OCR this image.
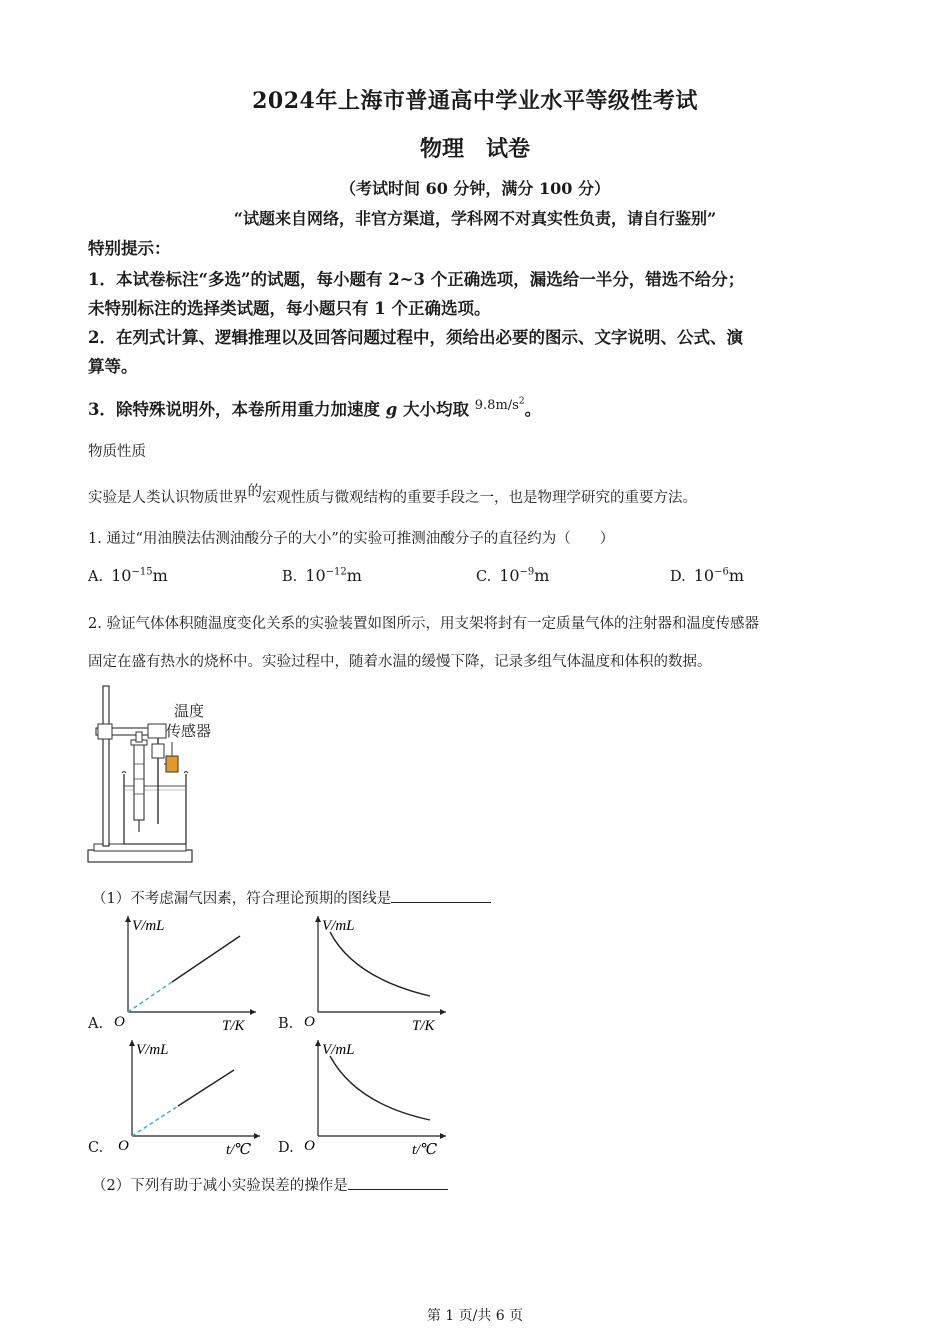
2024年上海市普通高中学业水平等级性考试
物理　试卷
（考试时间 60 分钟，满分 100 分）
“试题来自网络，非官方渠道，学科网不对真实性负责，请自行鉴别”
特别提示：
1．本试卷标注“多选”的试题，每小题有 2~3 个正确选项，漏选给一半分，错选不给分；
未特别标注的选择类试题，每小题只有 1 个正确选项。
2．在列式计算、逻辑推理以及回答问题过程中，须给出必要的图示、文字说明、公式、演
算等。
3．除特殊说明外，本卷所用重力加速度 g 大小均取 $^{9.8m/s^2}$。
物质性质
实验是人类认识物质世界的宏观性质与微观结构的重要手段之一，也是物理学研究的重要方法。
1. 通过“用油膜法估测油酸分子的大小”的实验可推测油酸分子的直径约为（　　）
A. $10^{-15}m$	B. $10^{-12}m$	C. $10^{-9}m$	D. $10^{-6}m$
2. 验证气体体积随温度变化关系的实验装置如图所示，用支架将封有一定质量气体的注射器和温度传感器
固定在盛有热水的烧杯中。实验过程中，随着水温的缓慢下降，记录多组气体温度和体积的数据。
温度
传感器
（1）不考虑漏气因素，符合理论预期的图线是
A.
V/mL
T/K
O	B.
V/mL
T/K
O
C.
V/mL
t/℃
O	D.
V/mL
t/℃
O
（2）下列有助于减小实验误差的操作是
第 1 页/共 6 页
